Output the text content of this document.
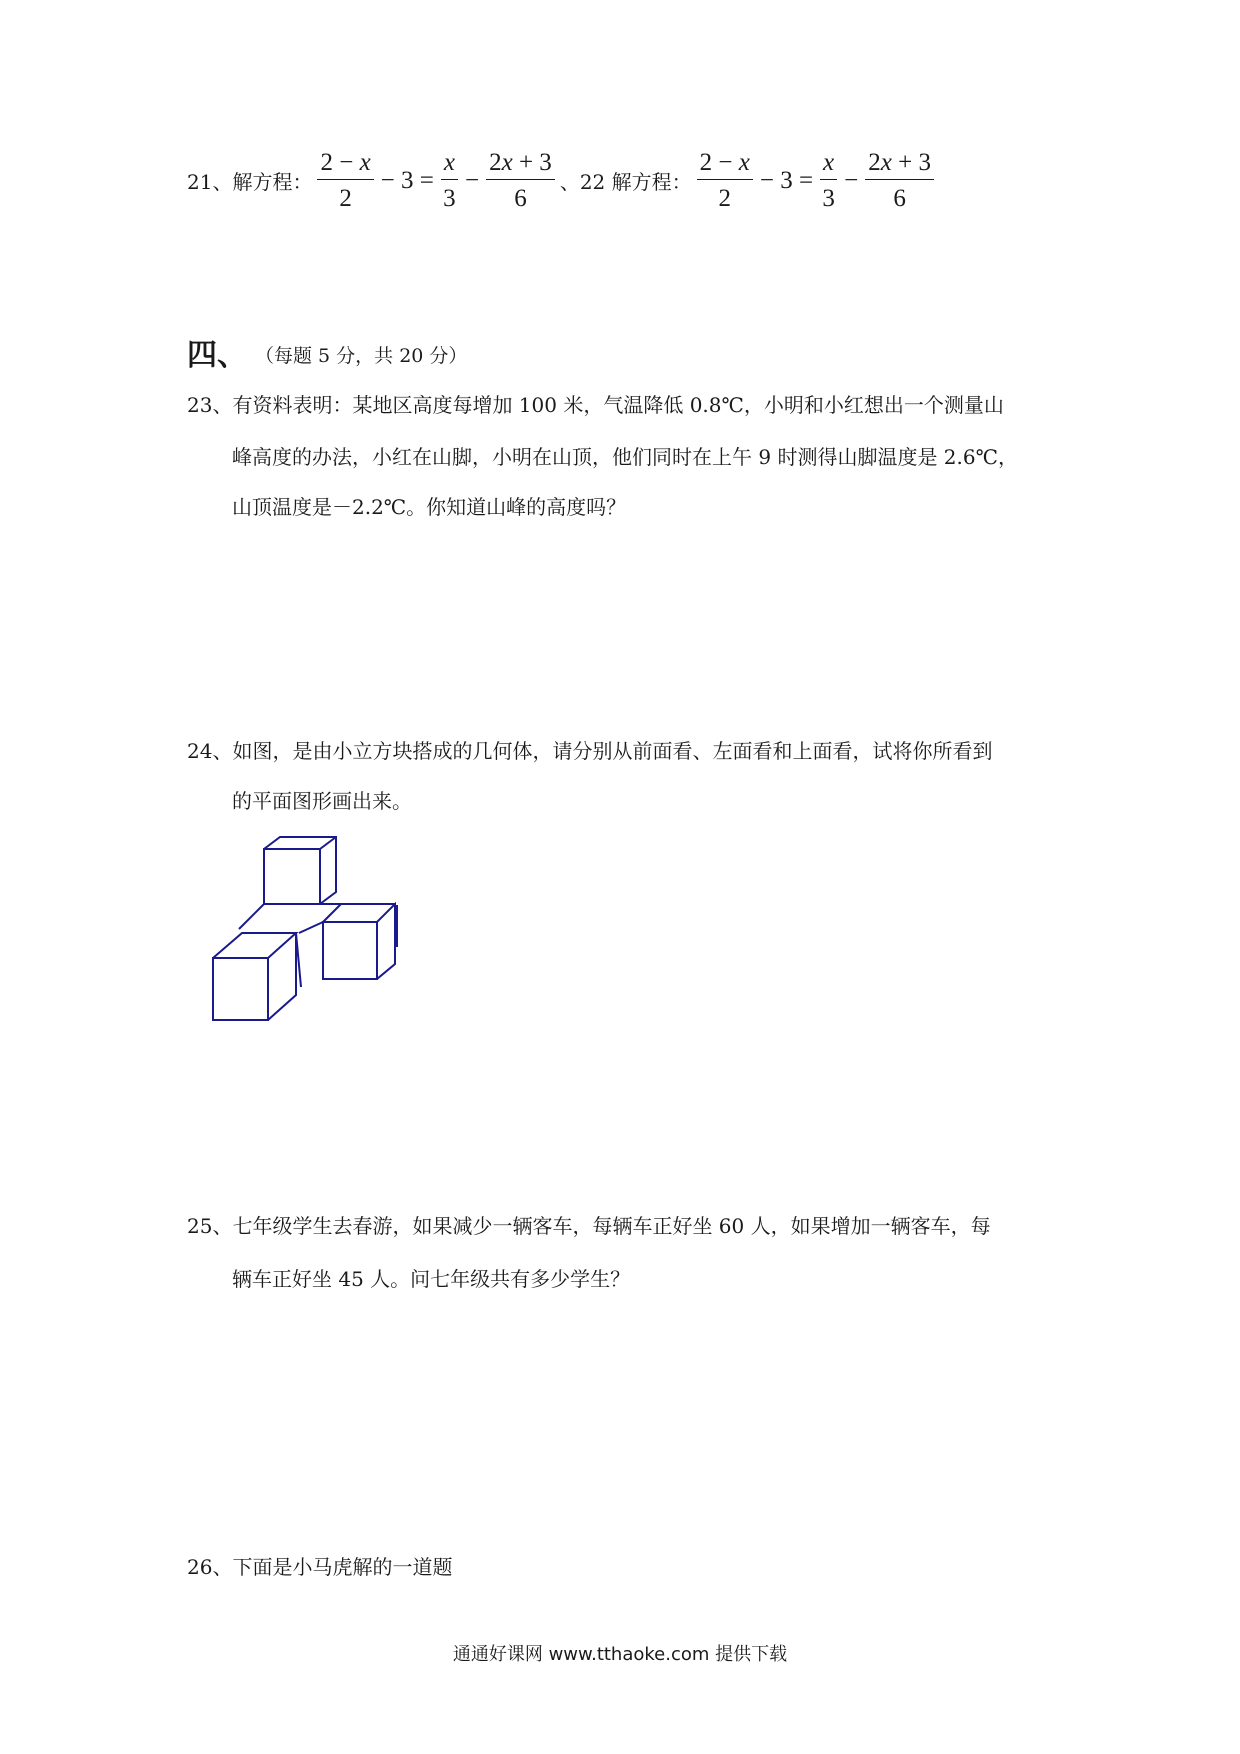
21、解方程： $\frac{2 - x}{2} - 3 = \frac{x}{3} - \frac{2x + 3}{6}$ 、 22 解方程： $\frac{2 - x}{2} - 3 = \frac{x}{3} - \frac{2x + 3}{6}$
四、 （每题 5 分，共 20 分）
23、有资料表明：某地区高度每增加 100 米，气温降低 0.8℃，小明和小红想出一个测量山
峰高度的办法，小红在山脚，小明在山顶，他们同时在上午 9 时测得山脚温度是 2.6℃，
山顶温度是－2.2℃。你知道山峰的高度吗？
24、如图，是由小立方块搭成的几何体，请分别从前面看、左面看和上面看，试将你所看到
的平面图形画出来。
25、七年级学生去春游，如果减少一辆客车，每辆车正好坐 60 人，如果增加一辆客车，每
辆车正好坐 45 人。问七年级共有多少学生？
26、下面是小马虎解的一道题
通通好课网 www.tthaoke.com 提供下载
